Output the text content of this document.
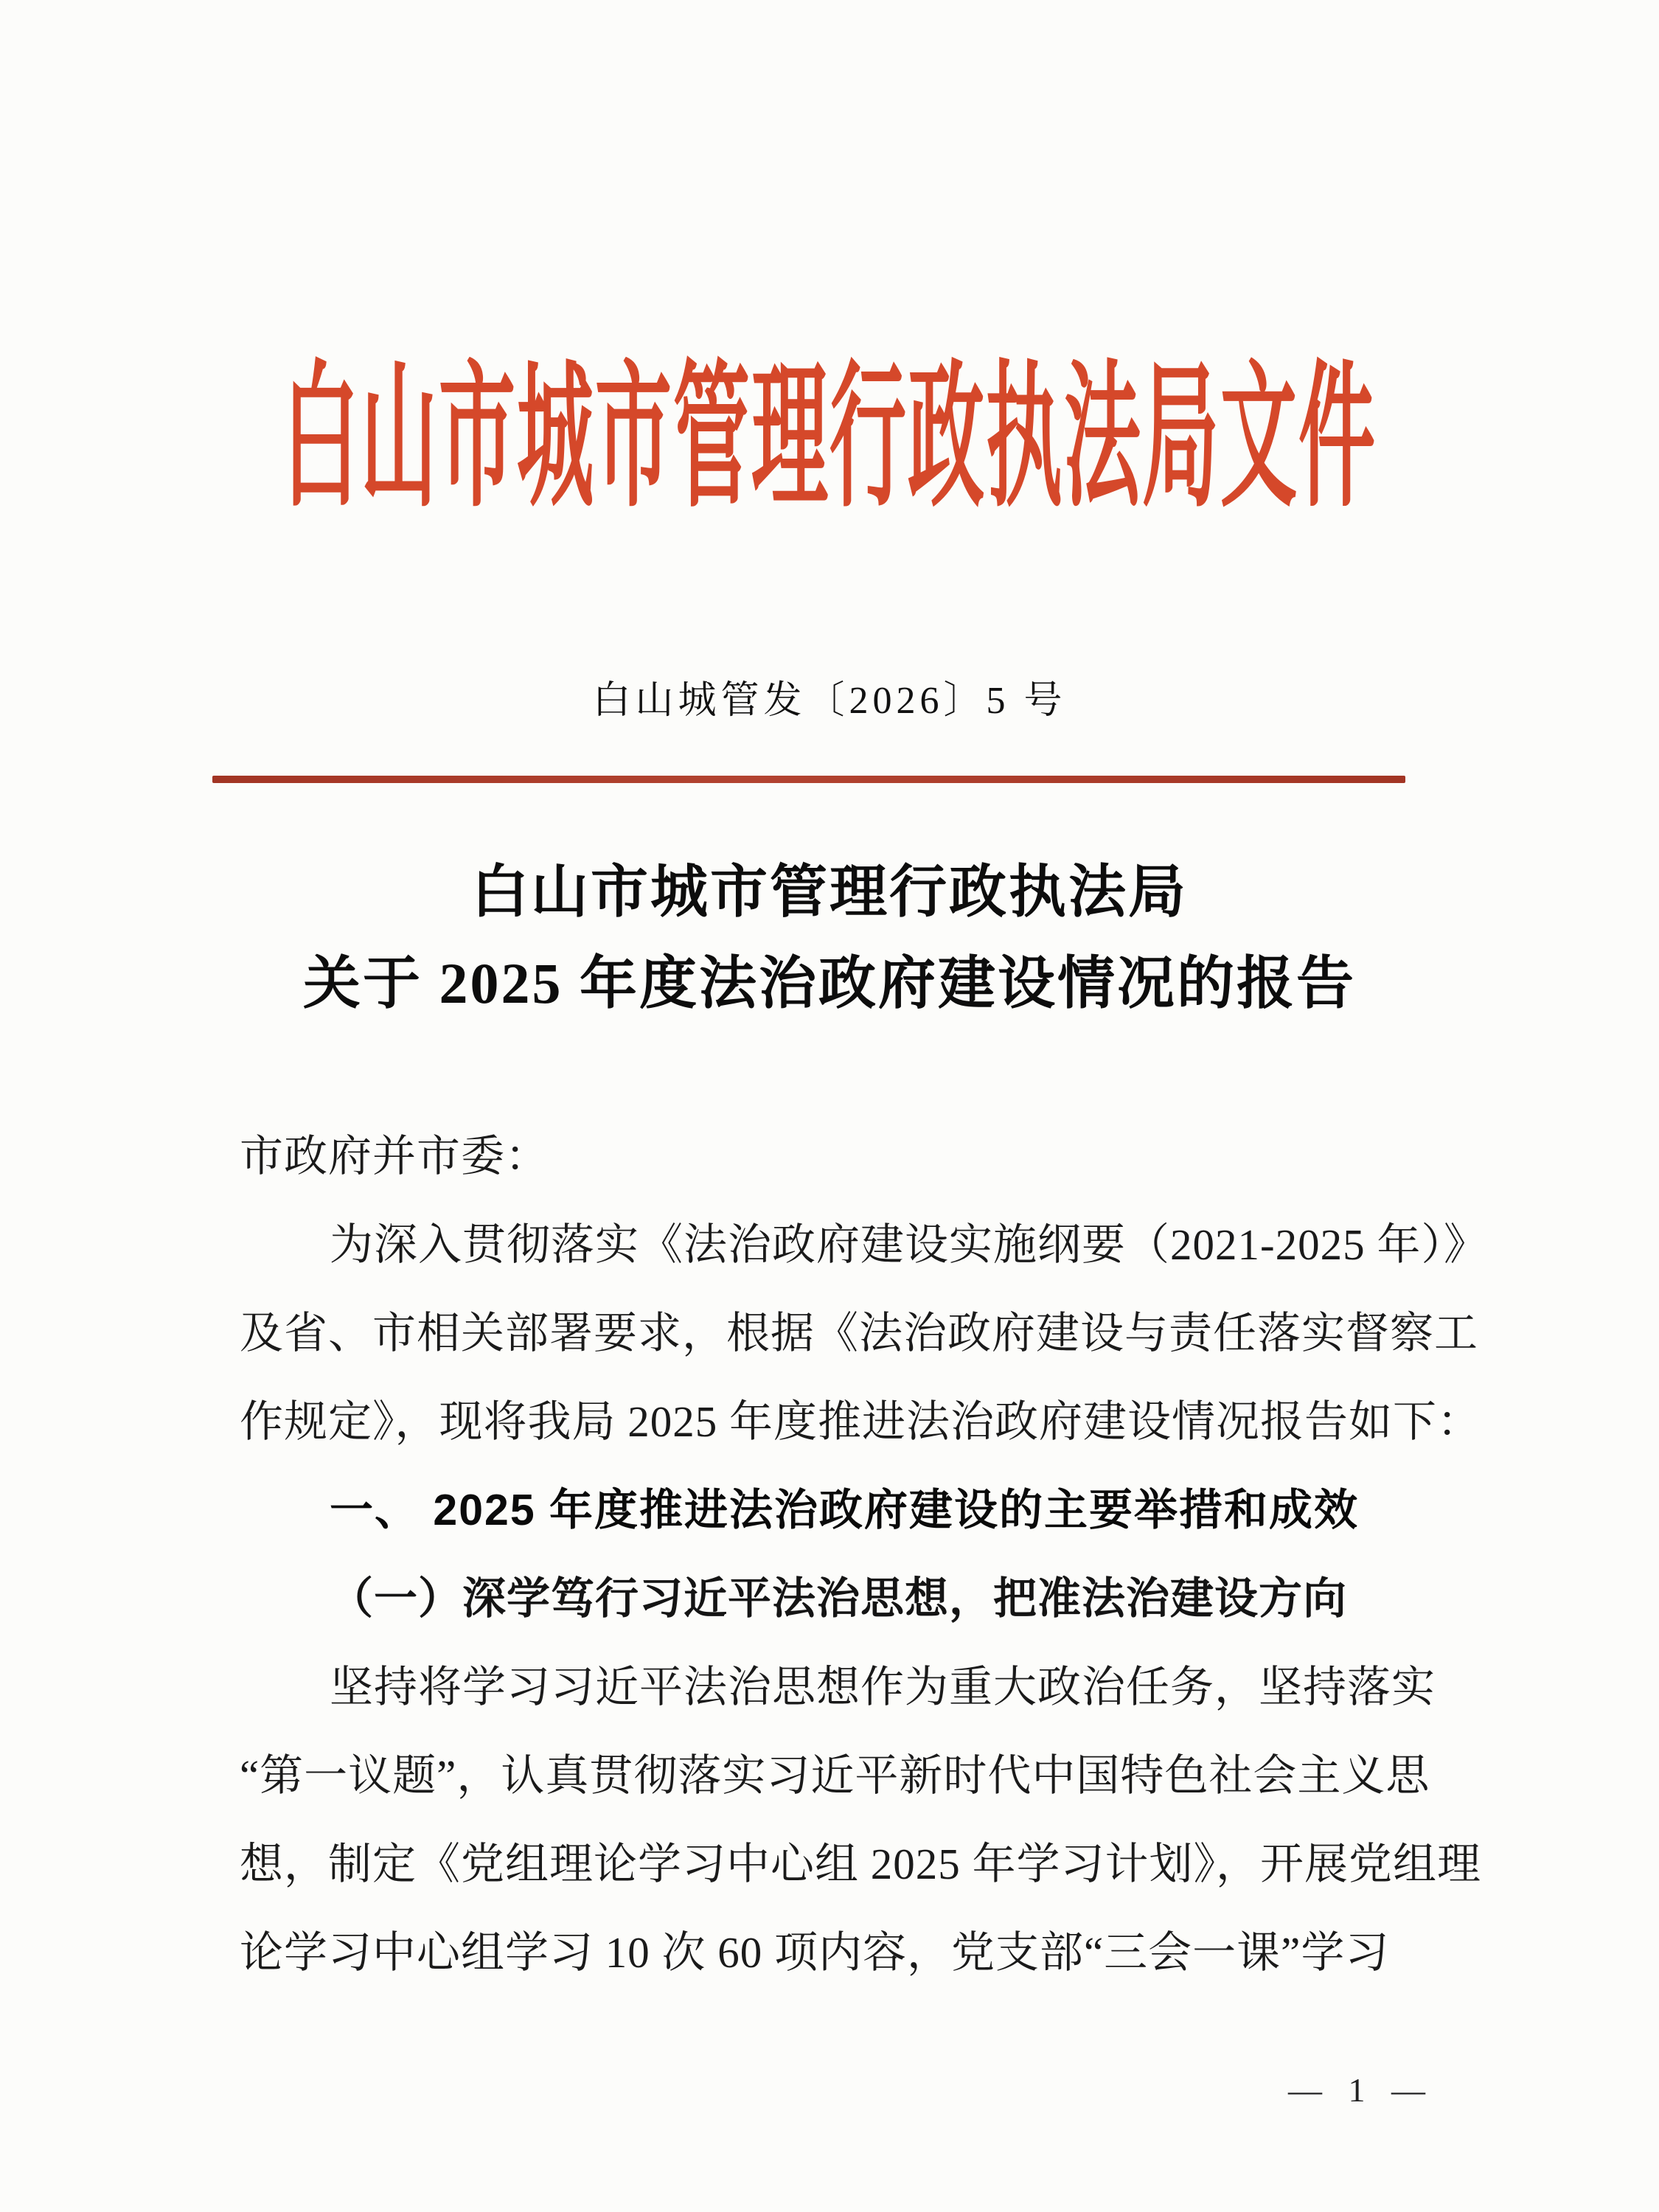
白山市城市管理行政执法局文件
白山城管发〔2026〕5 号
白山市城市管理行政执法局
关于 2025 年度法治政府建设情况的报告
市政府并市委：
为深入贯彻落实《法治政府建设实施纲要（2021-2025 年）》
及省、市相关部署要求，根据《法治政府建设与责任落实督察工
作规定》，现将我局 2025 年度推进法治政府建设情况报告如下：
一、 2025 年度推进法治政府建设的主要举措和成效
（一）深学笃行习近平法治思想，把准法治建设方向
坚持将学习习近平法治思想作为重大政治任务，坚持落实
“第一议题”，认真贯彻落实习近平新时代中国特色社会主义思
想，制定《党组理论学习中心组 2025 年学习计划》，开展党组理
论学习中心组学习 10 次 60 项内容，党支部“三会一课”学习
— 1 —
